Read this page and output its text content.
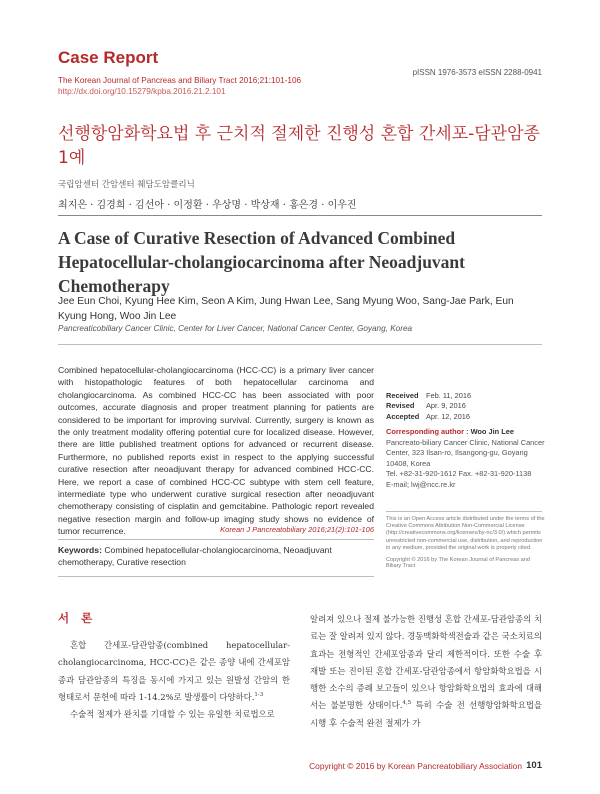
Case Report
The Korean Journal of Pancreas and Biliary Tract 2016;21:101-106
http://dx.doi.org/10.15279/kpba.2016.21.2.101
pISSN 1976-3573 eISSN 2288-0941
선행항암화학요법 후 근치적 절제한 진행성 혼합 간세포-담관암종 1예
국립암센터 간암센터 췌담도암클리닉
최지은 · 김경희 · 김선아 · 이정환 · 우상명 · 박상재 · 홍은경 · 이우진
A Case of Curative Resection of Advanced Combined Hepatocellular-cholangiocarcinoma after Neoadjuvant Chemotherapy
Jee Eun Choi, Kyung Hee Kim, Seon A Kim, Jung Hwan Lee, Sang Myung Woo, Sang-Jae Park, Eun Kyung Hong, Woo Jin Lee
Pancreaticobiliary Cancer Clinic, Center for Liver Cancer, National Cancer Center, Goyang, Korea
Combined hepatocellular-cholangiocarcinoma (HCC-CC) is a primary liver cancer with histopathologic features of both hepatocellular carcinoma and cholangiocarcinoma. As combined HCC-CC has been associated with poor outcomes, accurate diagnosis and proper treatment planning for patients are considered to be important for improving survival. Currently, surgery is known as the only treatment modality offering potential cure for localized disease. However, there are little published treatment options for advanced or recurrent disease. Furthermore, no published reports exist in respect to the applying successful curative resection after neoadjuvant therapy for advanced combined HCC-CC. Here, we report a case of combined HCC-CC subtype with stem cell feature, intermediate type who underwent curative surgical resection after neoadjuvant chemotherapy consisting of cisplatin and gemcitabine. Pathologic report revealed negative resection margin and follow-up imaging study shows no evidence of tumor recurrence.	Korean J Pancreatobiliary 2016;21(2):101-106
Keywords: Combined hepatocellular-cholangiocarcinoma, Neoadjuvant chemotherapy, Curative resection
Received	Feb. 11, 2016
Revised	Apr. 9, 2016
Accepted Apr. 12, 2016
Corresponding author : Woo Jin Lee
Pancreato-biliary Cancer Clinic, National Cancer Center, 323 Ilsan-ro, Ilsangong-gu, Goyang 10408, Korea
Tel. +82-31-920-1612 Fax. +82-31-920-1138
E-mail; lwj@ncc.re.kr
This is an Open Access article distributed under the terms of the Creative Commons Attribution Non-Commercial License (http://creativecommons.org/licenses/by-nc/3.0/) which permits unrestricted non-commercial use, distribution, and reproduction in any medium, provided the original work is properly cited.
Copyright © 2016 by The Korean Journal of Pancreas and Biliary Tract
서 론

혼합 간세포-담관암종(combined hepatocellular-cholangiocarcinoma, HCC-CC)은 같은 종양 내에 간세포암종과 담관암종의 특징을 동시에 가지고 있는 원발성 간암의 한 형태로서 문헌에 따라 1-14.2%로 발생률이 다양하다.$^{1-3}$

수술적 절제가 완치를 기대할 수 있는 유일한 치료법으로

알려져 있으나 절제 불가능한 진행성 혼합 간세포-담관암종의 치료는 잘 알려져 있지 않다. 경동맥화학색전술과 같은 국소치료의 효과는 전형적인 간세포암종과 달리 제한적이다. 또한 수술 후 재발 또는 진이된 혼합 간세포-담관암종에서 항암화학요법을 시행한 소수의 증례 보고들이 있으나 항암화학요법의 효과에 대해서는 불분명한 상태이다.$^{4,5}$ 특히 수술 전 선행항암화학요법을 시행 후 수술적 완전 절제가 가

Copyright © 2016 by Korean Pancreatobiliary Association 101
